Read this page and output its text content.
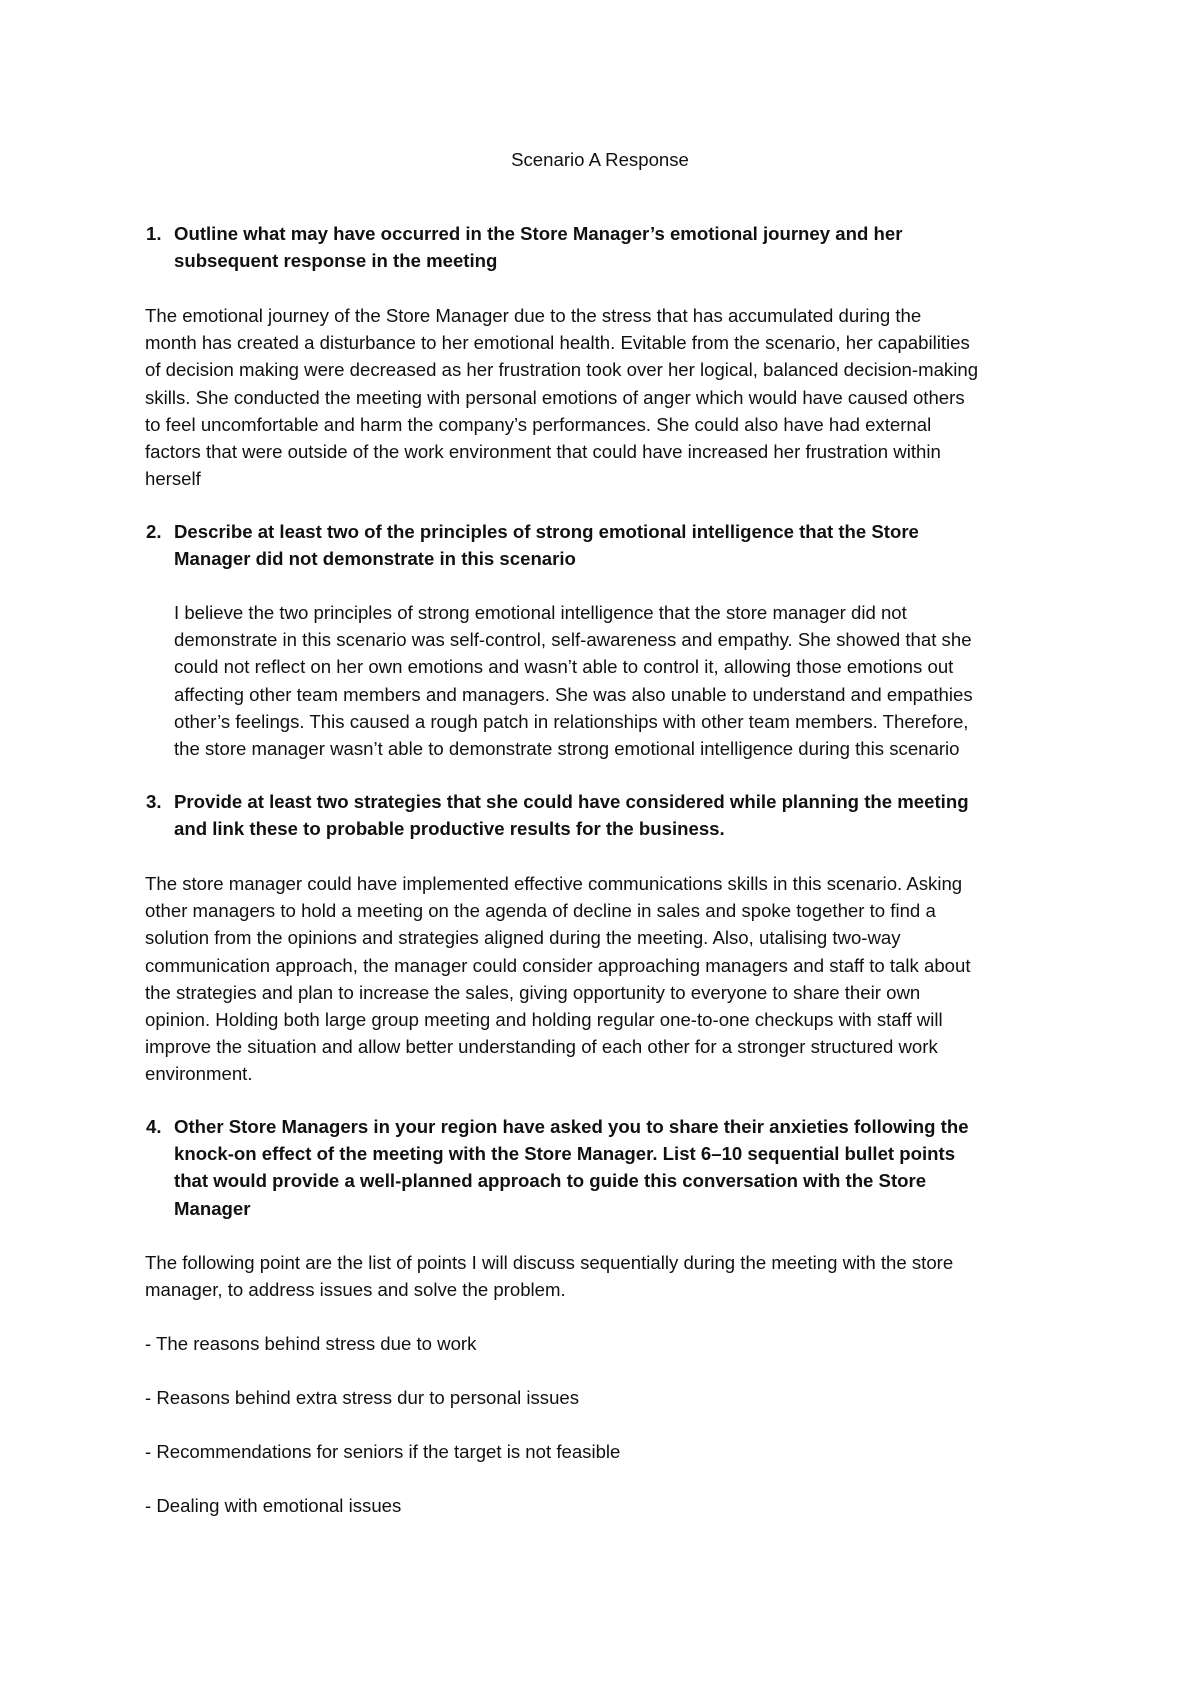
Scenario A Response
1. Outline what may have occurred in the Store Manager’s emotional journey and her
subsequent response in the meeting
The emotional journey of the Store Manager due to the stress that has accumulated during the
month has created a disturbance to her emotional health. Evitable from the scenario, her capabilities
of decision making were decreased as her frustration took over her logical, balanced decision-making
skills. She conducted the meeting with personal emotions of anger which would have caused others
to feel uncomfortable and harm the company’s performances. She could also have had external
factors that were outside of the work environment that could have increased her frustration within
herself
2. Describe at least two of the principles of strong emotional intelligence that the Store
Manager did not demonstrate in this scenario
I believe the two principles of strong emotional intelligence that the store manager did not
demonstrate in this scenario was self-control, self-awareness and empathy. She showed that she
could not reflect on her own emotions and wasn’t able to control it, allowing those emotions out
affecting other team members and managers. She was also unable to understand and empathies
other’s feelings. This caused a rough patch in relationships with other team members. Therefore,
the store manager wasn’t able to demonstrate strong emotional intelligence during this scenario
3. Provide at least two strategies that she could have considered while planning the meeting
and link these to probable productive results for the business.
The store manager could have implemented effective communications skills in this scenario. Asking
other managers to hold a meeting on the agenda of decline in sales and spoke together to find a
solution from the opinions and strategies aligned during the meeting. Also, utalising two-way
communication approach, the manager could consider approaching managers and staff to talk about
the strategies and plan to increase the sales, giving opportunity to everyone to share their own
opinion. Holding both large group meeting and holding regular one-to-one checkups with staff will
improve the situation and allow better understanding of each other for a stronger structured work
environment.
4. Other Store Managers in your region have asked you to share their anxieties following the
knock-on effect of the meeting with the Store Manager. List 6–10 sequential bullet points
that would provide a well-planned approach to guide this conversation with the Store
Manager
The following point are the list of points I will discuss sequentially during the meeting with the store
manager, to address issues and solve the problem.

- The reasons behind stress due to work

- Reasons behind extra stress dur to personal issues

- Recommendations for seniors if the target is not feasible

- Dealing with emotional issues
